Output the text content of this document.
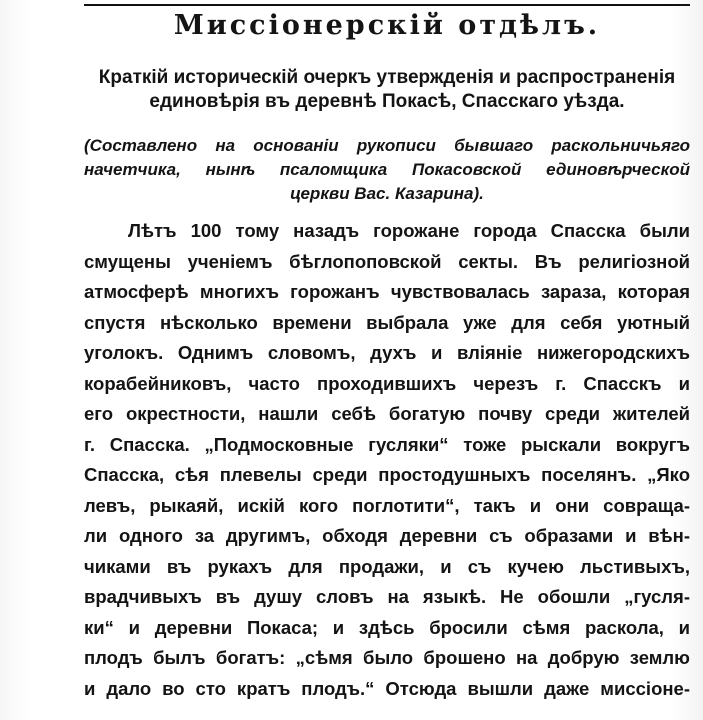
Миссіонерскій отдѣлъ.
Краткій историческій очеркъ утвержденія и распространенія
единовѣрія въ деревнѣ Покасѣ, Спасскаго уѣзда.

(Составлено на основаніи рукописи бывшаго раскольничьяго
начетчика, нынѣ псаломщика Покасовской единовѣрческой
церкви Вас. Казарина).

Лѣтъ 100 тому назадъ горожане города Спасска были
смущены ученіемъ бѣглопоповской секты. Въ религіозной
атмосферѣ многихъ горожанъ чувствовалась зараза, которая
спустя нѣсколько времени выбрала уже для себя уютный
уголокъ. Однимъ словомъ, духъ и вліяніе нижегородскихъ
корабейниковъ, часто проходившихъ черезъ г. Спасскъ и
его окрестности, нашли себѣ богатую почву среди жителей
г. Спасска. „Подмосковные гусляки“ тоже рыскали вокругъ
Спасска, сѣя плевелы среди простодушныхъ поселянъ. „Яко
левъ, рыкаяй, искій кого поглотити“, такъ и они совраща-
ли одного за другимъ, обходя деревни съ образами и вѣн-
чиками въ рукахъ для продажи, и съ кучею льстивыхъ,
врадчивыхъ въ душу словъ на языкѣ. Не обошли „гусля-
ки“ и деревни Покаса; и здѣсь бросили сѣмя раскола, и
плодъ былъ богатъ: „сѣмя было брошено на добрую землю
и дало во сто кратъ плодъ.“ Отсюда вышли даже миссіоне-
